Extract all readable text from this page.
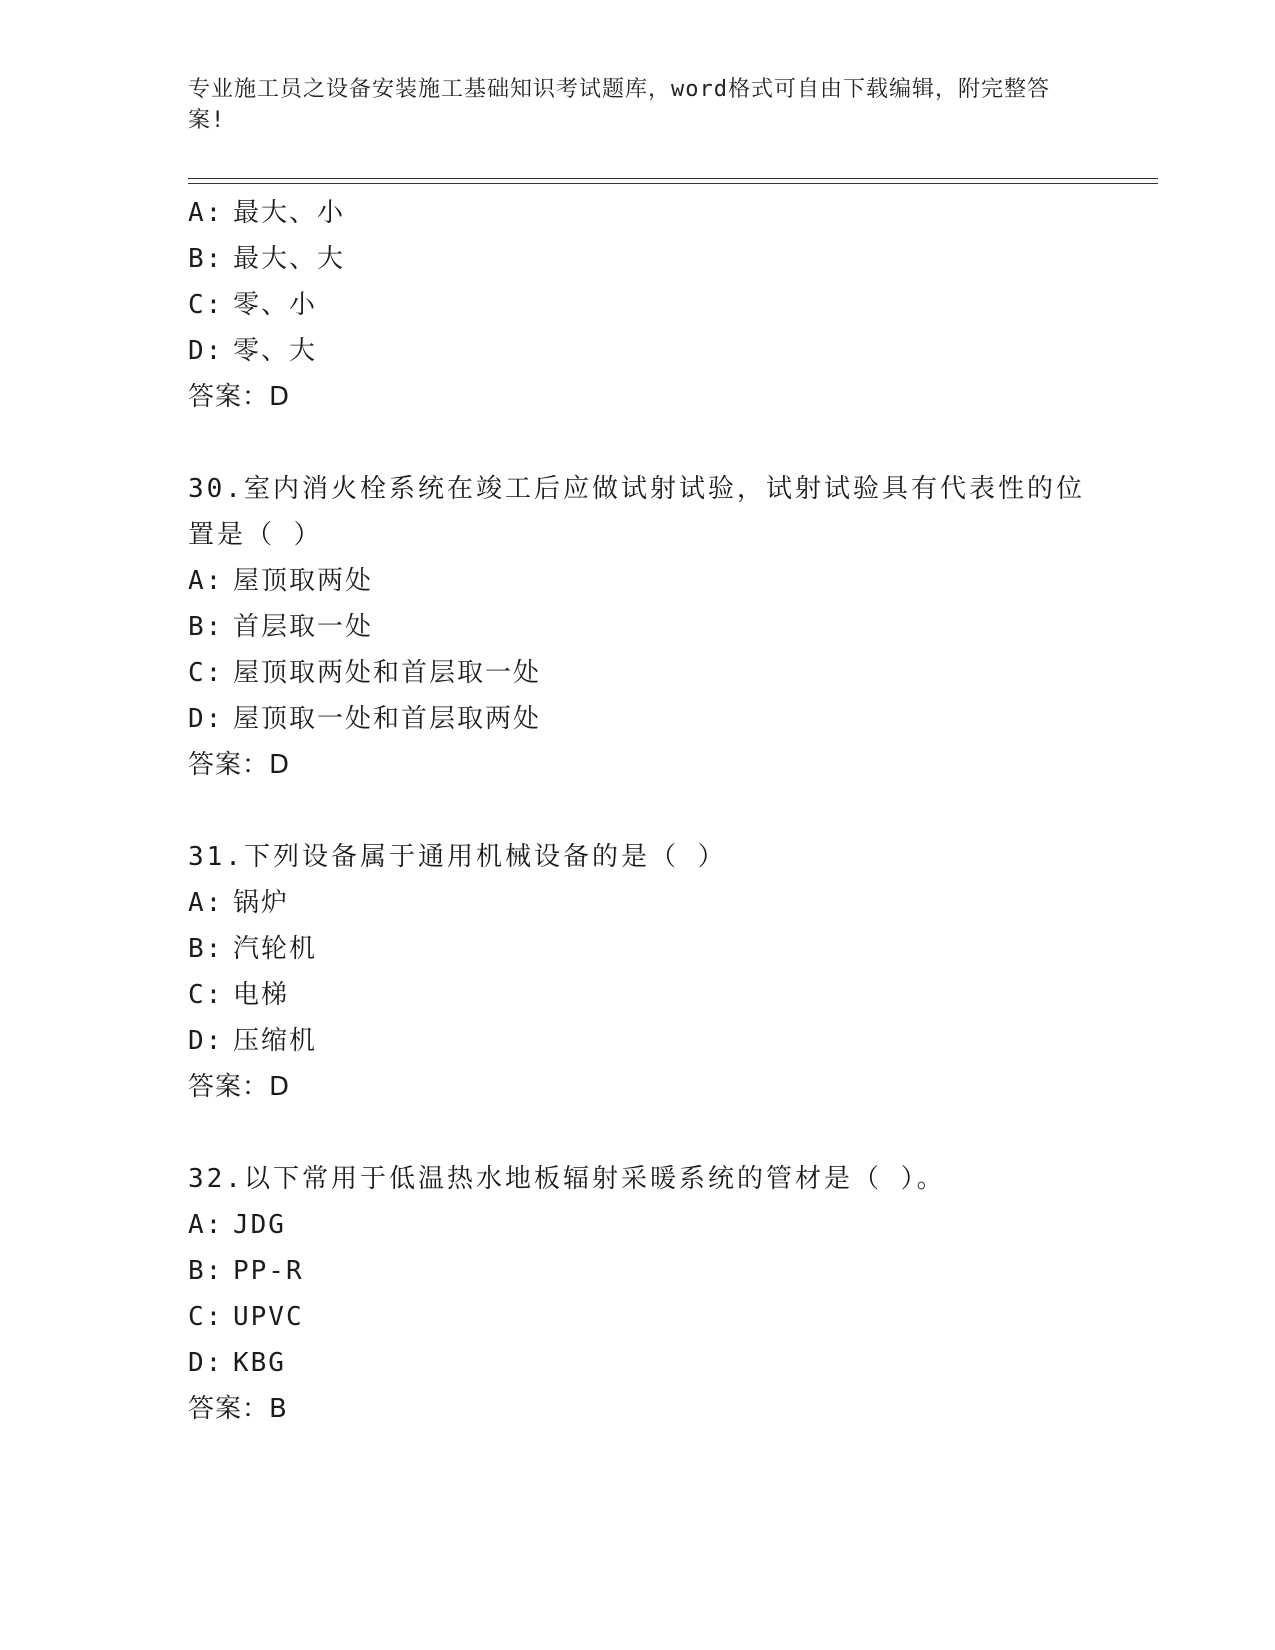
专业施工员之设备安装施工基础知识考试题库，word格式可自由下载编辑，附完整答案!
A: 最大、小
B: 最大、大
C: 零、小
D: 零、大
答案：D
30.室内消火栓系统在竣工后应做试射试验，试射试验具有代表性的位置是（ ）
A: 屋顶取两处
B: 首层取一处
C: 屋顶取两处和首层取一处
D: 屋顶取一处和首层取两处
答案：D
31.下列设备属于通用机械设备的是（ ）
A: 锅炉
B: 汽轮机
C: 电梯
D: 压缩机
答案：D
32.以下常用于低温热水地板辐射采暖系统的管材是（ ）。
A: JDG
B: PP-R
C: UPVC
D: KBG
答案：B
